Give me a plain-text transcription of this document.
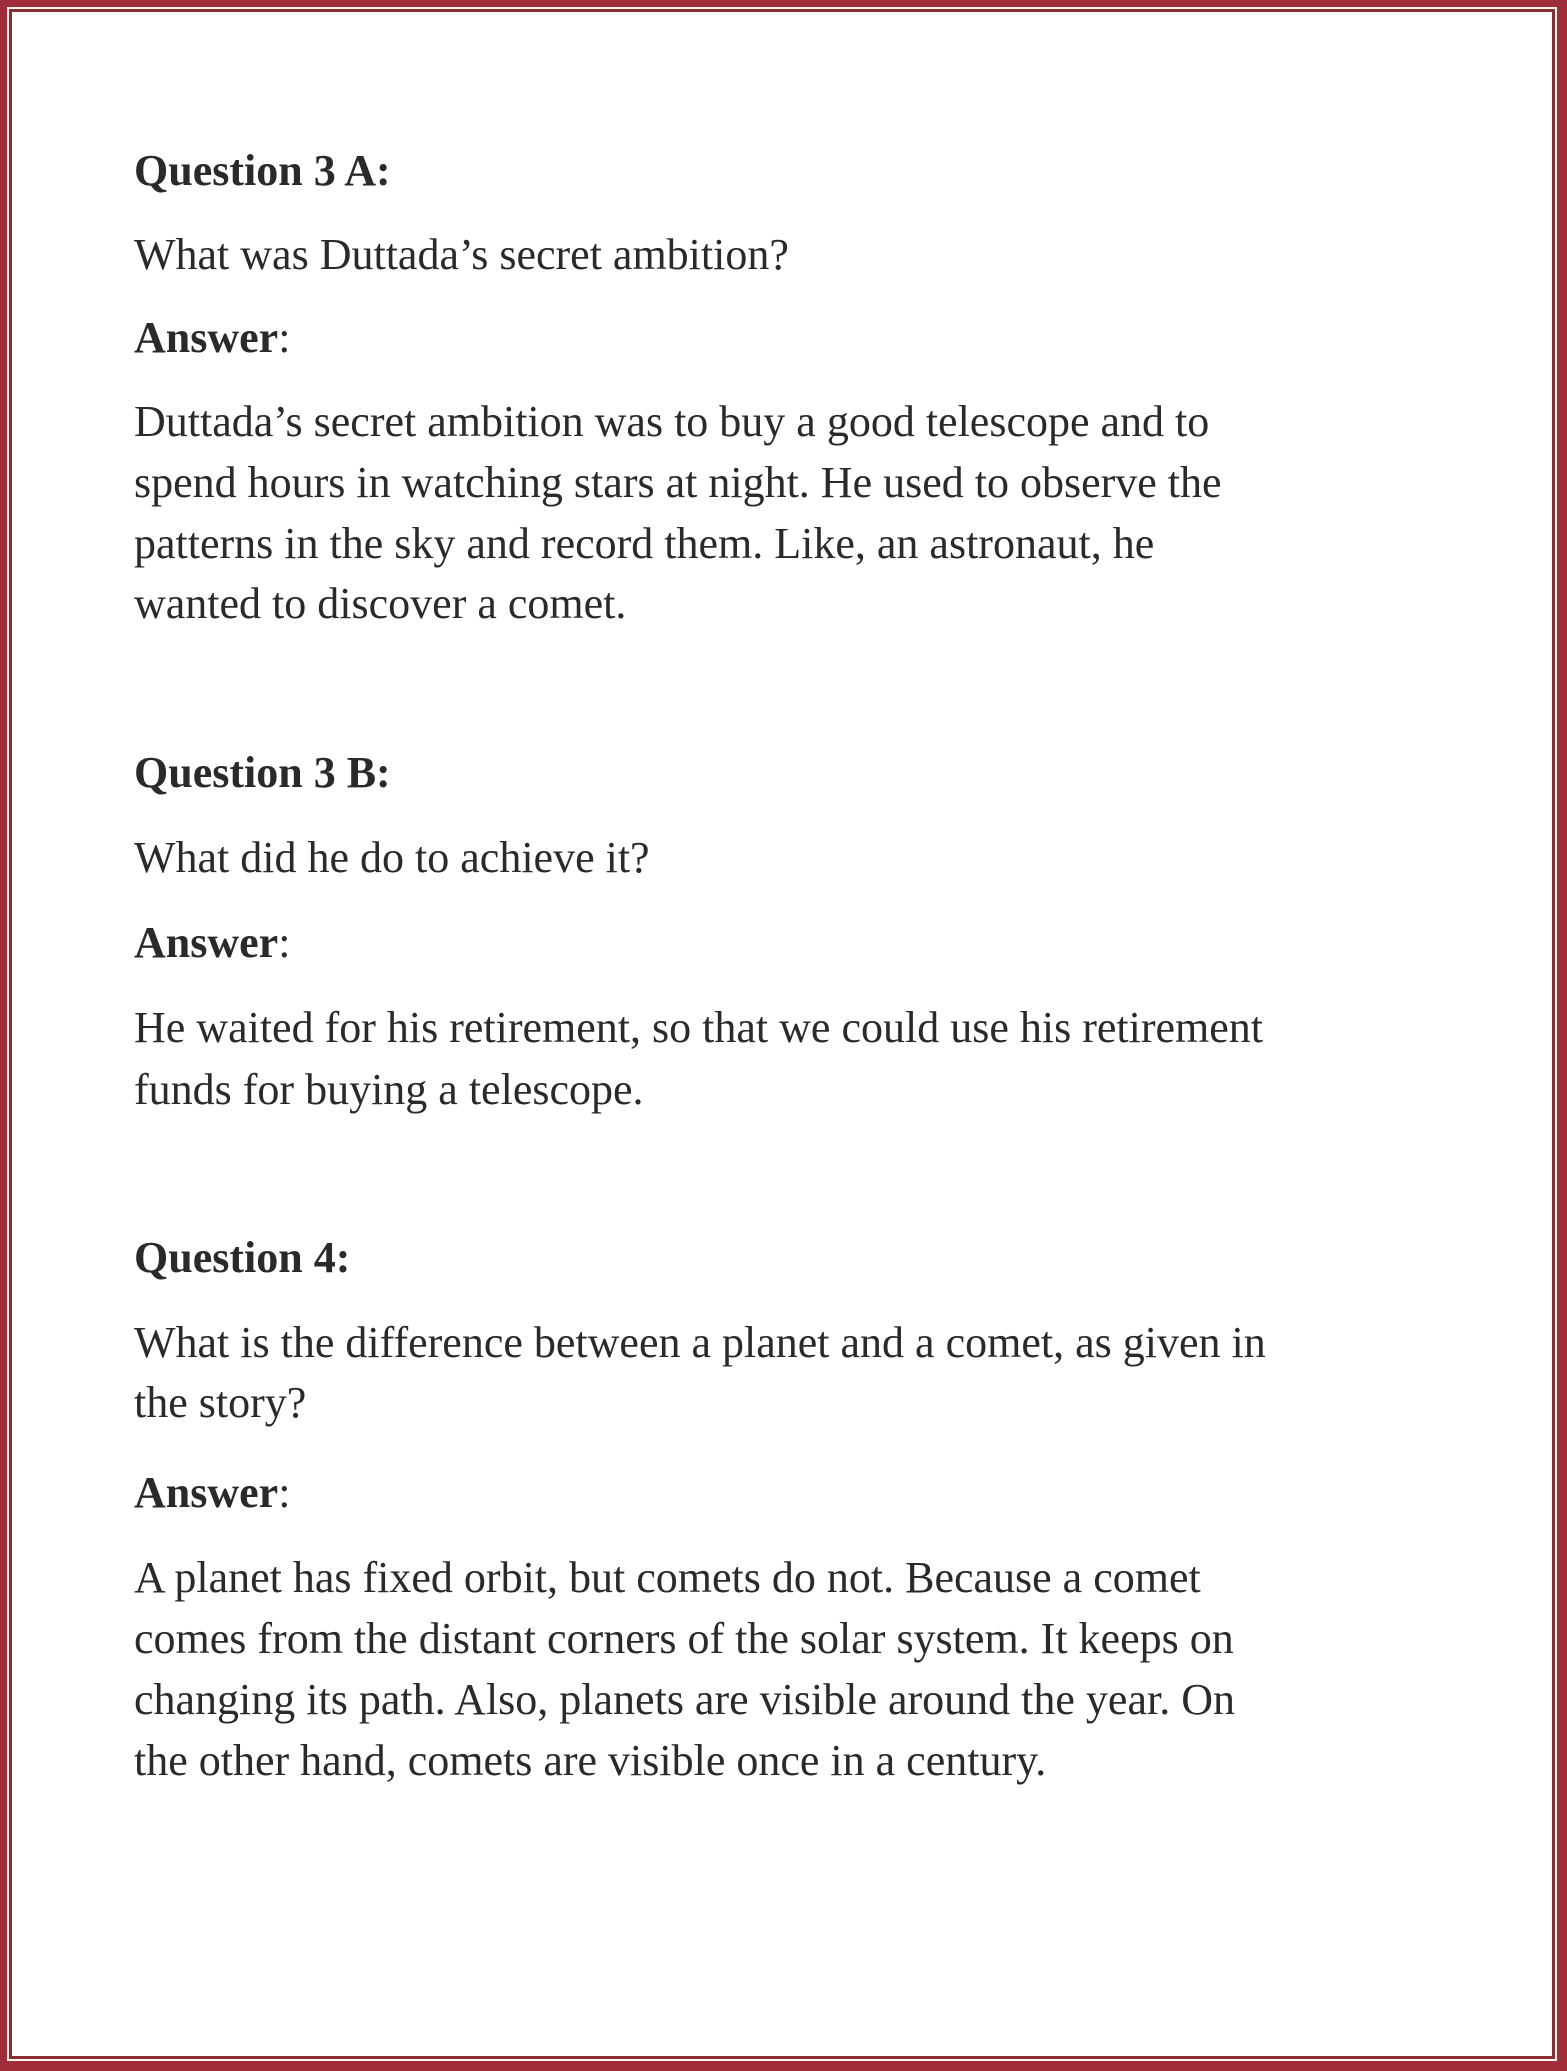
Question 3 A:
What was Duttada’s secret ambition?
Answer:
Duttada’s secret ambition was to buy a good telescope and to
spend hours in watching stars at night. He used to observe the
patterns in the sky and record them. Like, an astronaut, he
wanted to discover a comet.
Question 3 B:
What did he do to achieve it?
Answer:
He waited for his retirement, so that we could use his retirement
funds for buying a telescope.
Question 4:
What is the difference between a planet and a comet, as given in
the story?
Answer:
A planet has fixed orbit, but comets do not. Because a comet
comes from the distant corners of the solar system. It keeps on
changing its path. Also, planets are visible around the year. On
the other hand, comets are visible once in a century.
